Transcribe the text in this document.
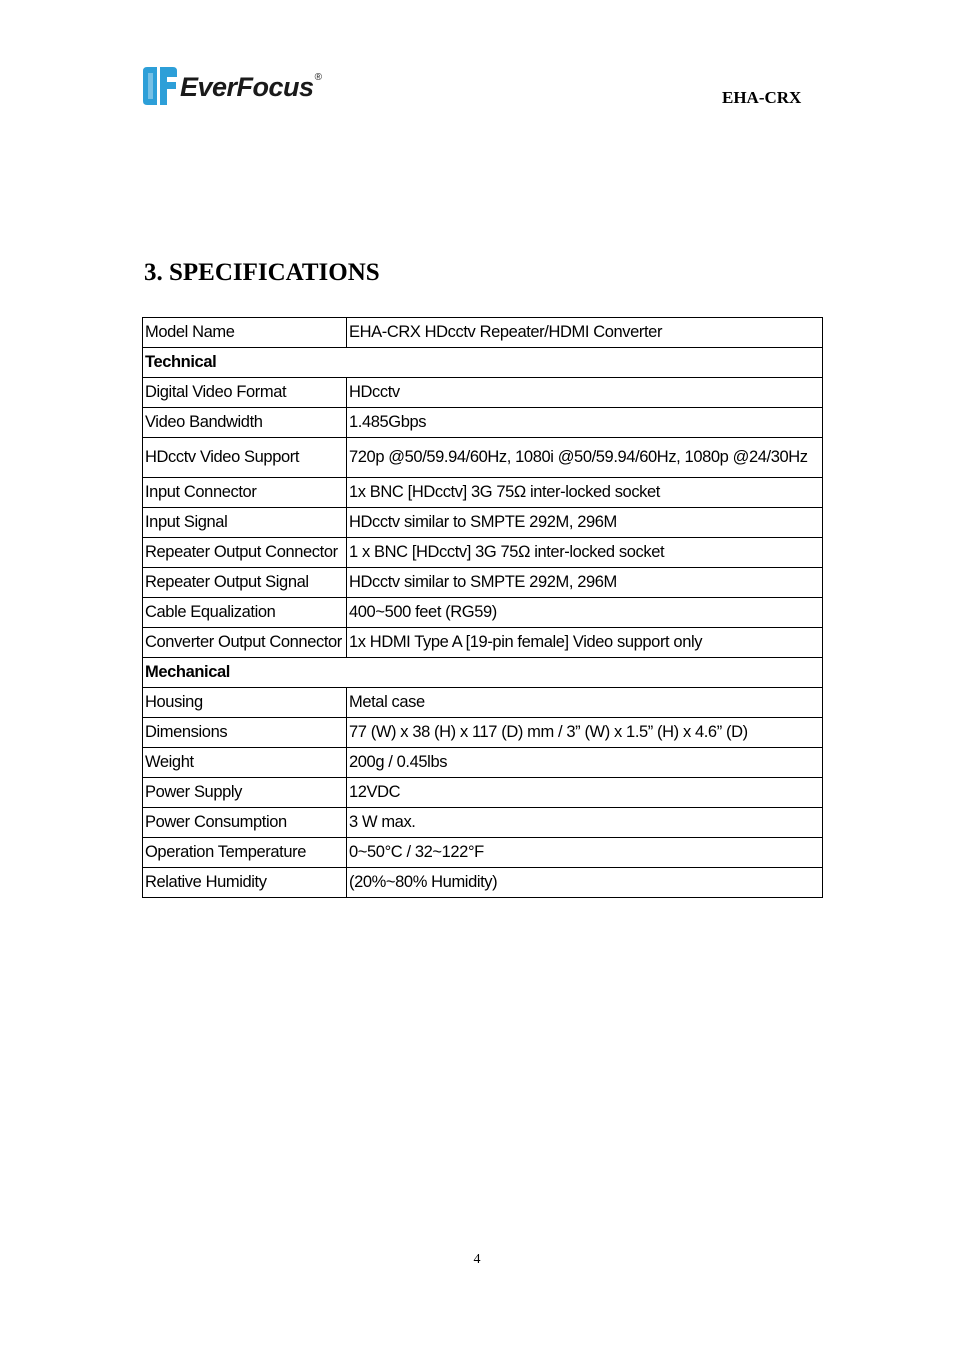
EverFocus ®
EHA-CRX
3. SPECIFICATIONS
Model Name	EHA-CRX HDcctv Repeater/HDMI Converter
Technical	
Digital Video Format	HDcctv
Video Bandwidth	1.485Gbps
HDcctv Video Support	720p @50/59.94/60Hz, 1080i @50/59.94/60Hz, 1080p @24/30Hz
Input Connector	1x BNC [HDcctv] 3G 75Ω inter-locked socket
Input Signal	HDcctv similar to SMPTE 292M, 296M
Repeater Output Connector	1 x BNC [HDcctv] 3G 75Ω inter-locked socket
Repeater Output Signal	HDcctv similar to SMPTE 292M, 296M
Cable Equalization	400~500 feet (RG59)
Converter Output Connector	1x HDMI Type A [19-pin female] Video support only
Mechanical	
Housing	Metal case
Dimensions	77 (W) x 38 (H) x 117 (D) mm / 3” (W) x 1.5” (H) x 4.6” (D)
Weight	200g / 0.45lbs
Power Supply	12VDC
Power Consumption	3 W max.
Operation Temperature	0~50°C / 32~122°F
Relative Humidity	(20%~80% Humidity)
4
